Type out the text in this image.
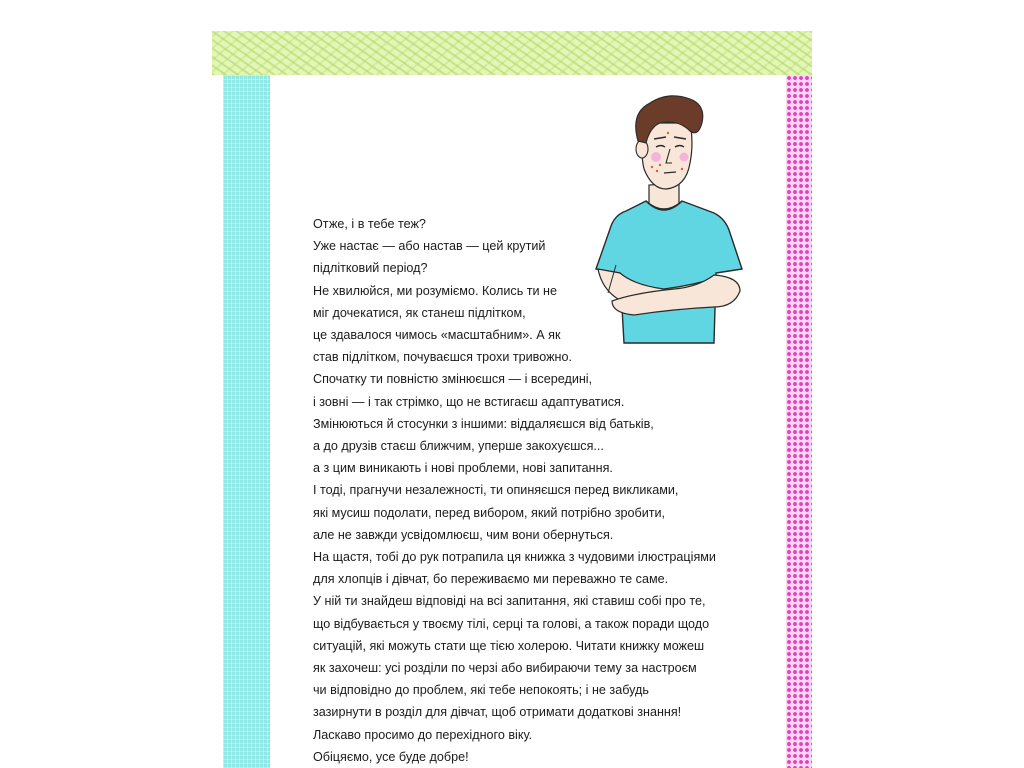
Отже, і в тебе теж?
Уже настає — або настав — цей крутий
підлітковий період?
Не хвилюйся, ми розуміємо. Колись ти не
міг дочекатися, як станеш підлітком,
це здавалося чимось «масштабним». А як
став підлітком, почуваєшся трохи тривожно.
Спочатку ти повністю змінюєшся — і всередині,
і зовні — і так стрімко, що не встигаєш адаптуватися.
Змінюються й стосунки з іншими: віддаляєшся від батьків,
а до друзів стаєш ближчим, уперше закохуєшся...
а з цим виникають і нові проблеми, нові запитання.
І тоді, прагнучи незалежності, ти опиняєшся перед викликами,
які мусиш подолати, перед вибором, який потрібно зробити,
але не завжди усвідомлюєш, чим вони обернуться.
На щастя, тобі до рук потрапила ця книжка з чудовими ілюстраціями
для хлопців і дівчат, бо переживаємо ми переважно те саме.
У ній ти знайдеш відповіді на всі запитання, які ставиш собі про те,
що відбувається у твоєму тілі, серці та голові, а також поради щодо
ситуацій, які можуть стати ще тією холерою. Читати книжку можеш
як захочеш: усі розділи по черзі або вибираючи тему за настроєм
чи відповідно до проблем, які тебе непокоять; і не забудь
зазирнути в розділ для дівчат, щоб отримати додаткові знання!
Ласкаво просимо до перехідного віку.
Обіцяємо, усе буде добре!
